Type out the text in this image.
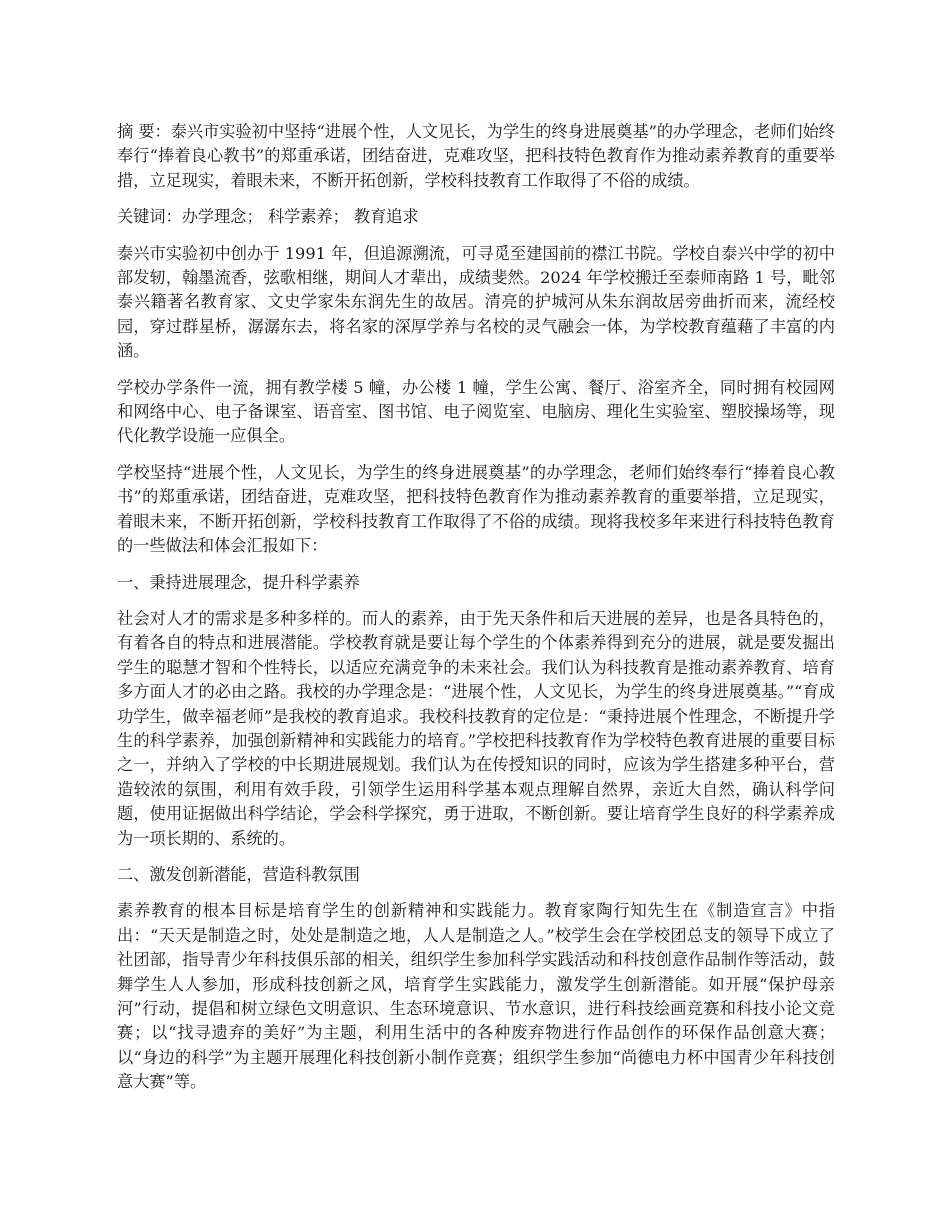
摘 要：泰兴市实验初中坚持“进展个性，人文见长，为学生的终身进展奠基”的办学理念，老师们始终奉行“捧着良心教书”的郑重承诺，团结奋进，克难攻坚，把科技特色教育作为推动素养教育的重要举措，立足现实，着眼未来，不断开拓创新，学校科技教育工作取得了不俗的成绩。

关键词：办学理念； 科学素养； 教育追求

泰兴市实验初中创办于 1991 年，但追源溯流，可寻觅至建国前的襟江书院。学校自泰兴中学的初中部发轫，翰墨流香，弦歌相继，期间人才辈出，成绩斐然。2024 年学校搬迁至泰师南路 1 号，毗邻泰兴籍著名教育家、文史学家朱东润先生的故居。清亮的护城河从朱东润故居旁曲折而来，流经校园，穿过群星桥，潺潺东去，将名家的深厚学养与名校的灵气融会一体，为学校教育蕴藉了丰富的内涵。

学校办学条件一流，拥有教学楼 5 幢，办公楼 1 幢，学生公寓、餐厅、浴室齐全，同时拥有校园网和网络中心、电子备课室、语音室、图书馆、电子阅览室、电脑房、理化生实验室、塑胶操场等，现代化教学设施一应俱全。

学校坚持“进展个性，人文见长，为学生的终身进展奠基”的办学理念，老师们始终奉行“捧着良心教书”的郑重承诺，团结奋进，克难攻坚，把科技特色教育作为推动素养教育的重要举措，立足现实，着眼未来，不断开拓创新，学校科技教育工作取得了不俗的成绩。现将我校多年来进行科技特色教育的一些做法和体会汇报如下：

一、秉持进展理念，提升科学素养

社会对人才的需求是多种多样的。而人的素养，由于先天条件和后天进展的差异，也是各具特色的，有着各自的特点和进展潜能。学校教育就是要让每个学生的个体素养得到充分的进展，就是要发掘出学生的聪慧才智和个性特长，以适应充满竞争的未来社会。我们认为科技教育是推动素养教育、培育多方面人才的必由之路。我校的办学理念是：“进展个性，人文见长，为学生的终身进展奠基。”“育成功学生，做幸福老师”是我校的教育追求。我校科技教育的定位是：“秉持进展个性理念，不断提升学生的科学素养，加强创新精神和实践能力的培育。”学校把科技教育作为学校特色教育进展的重要目标之一，并纳入了学校的中长期进展规划。我们认为在传授知识的同时，应该为学生搭建多种平台，营造较浓的氛围，利用有效手段，引领学生运用科学基本观点理解自然界，亲近大自然，确认科学问题，使用证据做出科学结论，学会科学探究，勇于进取，不断创新。要让培育学生良好的科学素养成为一项长期的、系统的。

二、激发创新潜能，营造科教氛围

素养教育的根本目标是培育学生的创新精神和实践能力。教育家陶行知先生在《制造宣言》中指出：“天天是制造之时，处处是制造之地，人人是制造之人。”校学生会在学校团总支的领导下成立了社团部，指导青少年科技俱乐部的相关，组织学生参加科学实践活动和科技创意作品制作等活动，鼓舞学生人人参加，形成科技创新之风，培育学生实践能力，激发学生创新潜能。如开展“保护母亲河”行动，提倡和树立绿色文明意识、生态环境意识、节水意识，进行科技绘画竞赛和科技小论文竞赛；以“找寻遗弃的美好”为主题，利用生活中的各种废弃物进行作品创作的环保作品创意大赛；以“身边的科学”为主题开展理化科技创新小制作竞赛；组织学生参加“尚德电力杯中国青少年科技创意大赛”等。
